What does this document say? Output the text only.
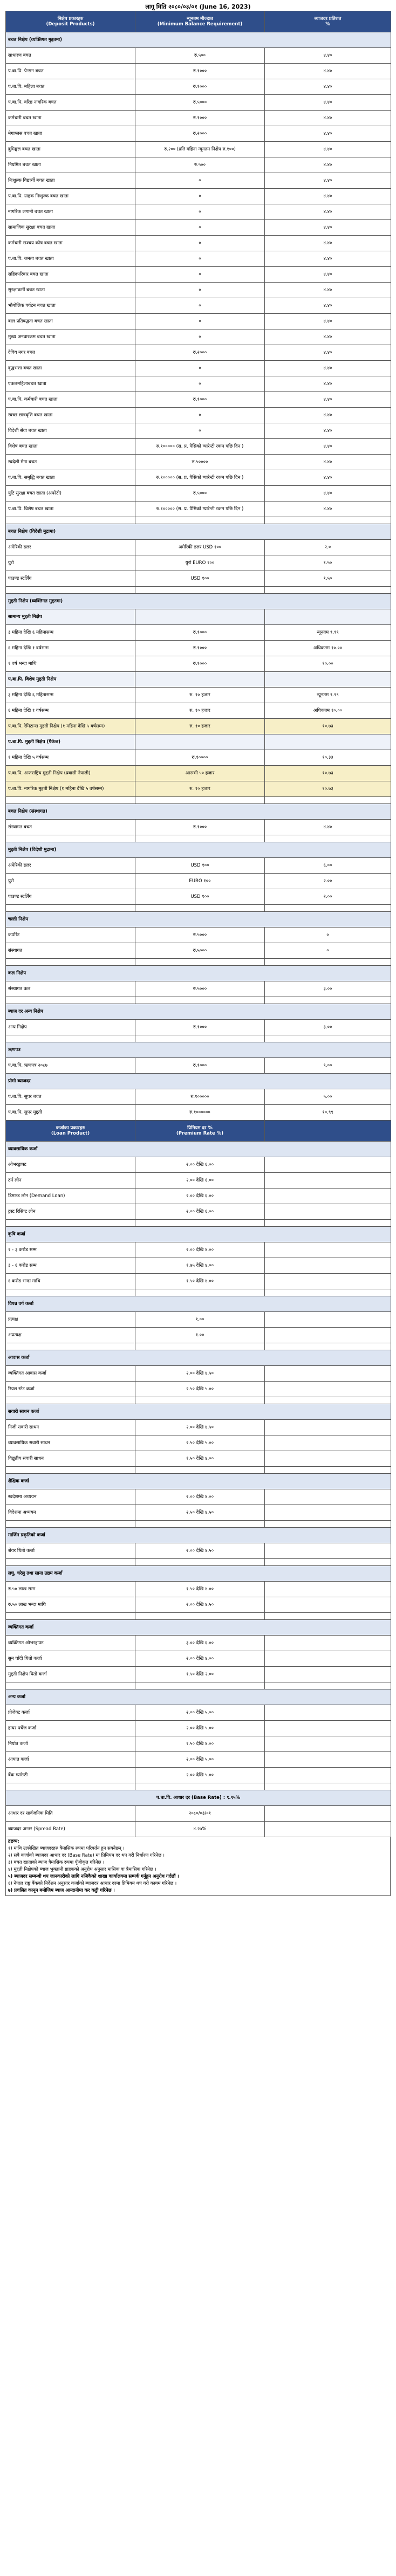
लागू मिति २०८०/०३/०१ (June 16, 2023)
निक्षेप प्रकारहरु
(Deposit Products)	न्यूनतम मौज्दात
(Minimum Balance Requirement)	ब्याजदर प्रतिशत
%
बचत निक्षेप (व्यक्तिगत मुद्दतमा)		
साधारण बचत	रु.५००	४.४०
प.बा.पि. पेन्सन बचत	रु.१०००	४.४०
प.बा.पि. महिला बचत	रु.१०००	४.४०
प.बा.पि. वरिष्ठ नागरिक बचत	रु.५०००	४.४०
कर्मचारी बचत खाता	रु.१०००	४.४०
मेगाप्लस बचत खाता	रु.२०००	४.४०
ब्रुमिङ्गल बचत खाता	रु.२०० (प्रति महिना न्यूनतम निक्षेप रु.१००)	४.४०
नियमित बचत खाता	रु.५००	४.४०
निःशुल्क विद्यार्थी बचत खाता	०	४.४०
प.बा.पि. ग्राहक निःशुल्क बचत खाता	०	४.४०
नागरिक लगानी बचत खाता	०	४.४०
सामाजिक सुरक्षा बचत खाता	०	४.४०
कर्मचारी सञ्चय कोष बचत खाता	०	४.४०
प.बा.पि. जनता बचत खाता	०	४.४०
सहिदपरिवार बचत खाता	०	४.४०
सुरक्षाकर्मी बचत खाता	०	४.४०
भौगोलिक पर्यटन बचत खाता	०	४.४०
बाल प्रतिबद्धता बचत खाता	०	४.४०
मुख्य अनवारक्रम बचत खाता	०	४.४०
देविय नगर बचत	रु.२०००	४.४०
वृद्धभत्ता बचत खाता	०	४.४०
एकलमहिलाबचत खाता	०	४.४०
प.बा.पि. कर्मचारी बचत खाता	रु.१०००	४.४०
स्वच्छ छात्रवृत्ति बचत खाता	०	४.४०
विदेशी सेवा बचत खाता	०	४.४०
विशेष बचत खाता	रु.१००००० (स. प्र. पैसिको ग्यारेन्टी रकम पछि दिन )	४.४०
स्वदेशी मेगा बचत	रु.५००००	४.४०
प.बा.पि. समृद्धि बचत खाता	रु.१००००० (स. प्र. पैसिको ग्यारेन्टी रकम पछि दिन )	४.४०
युटि सुरक्षा बचत खाता (अपरेटी)	रु.५०००	४.४०
प.बा.पि. विशेष बचत खाता	रु.१००००० (स. प्र. पैसिको ग्यारेन्टी रकम पछि दिन )	४.४०

बचत निक्षेप (विदेशी मुद्रामा)		
अमेरिकी डलर	अमेरिकी डलर USD १००	२.०
युरो	युरो EURO १००	१.५०
पाउण्ड स्टर्लिंग	USD १००	१.५०

मुद्दती निक्षेप (व्यक्तिगत मुद्दतमा)		
सामान्य मुद्दती निक्षेप		
३ महिना देखि ६ महिनासम्म	रु.१०००	न्यूनतम ९.९९
६ महिना देखि १ वर्षसम्म	रु.१०००	अधिकतम १०.००
१ वर्ष भन्दा माथि	रु.१०००	१०.००
प.बा.पि. विशेष मुद्दती निक्षेप		
३ महिना देखि ६ महिनासम्म	रु. १० हजार	न्यूनतम ९.९९
६ महिना देखि १ वर्षसम्म	रु. १० हजार	अधिकतम १०.००
प.बा.पि. रेमिटान्स मुद्दती निक्षेप (१ महिना देखि ५ वर्षसम्म)	रु. १० हजार	१०.७३
प.बा.पि. मुद्दती निक्षेप (पैकेज)		
१ महिना देखि ५ वर्षसम्म	रु.१००००	१०.३३
प.बा.पि. अन्तराष्ट्रिय मुद्दती निक्षेप (प्रवासी नेपाली)	आरम्भी ५० हजार	१०.७३
प.बा.पि. नागरिक मुद्दती निक्षेप (१ महिना देखि ५ वर्षसम्म)	रु. १० हजार	१०.७३

बचत निक्षेप (संस्थागत)		
संस्थागत बचत	रु.१०००	४.४०

मुद्दती निक्षेप (विदेशी मुद्रामा)		
अमेरिकी डलर	USD १००	६.००
युरो	EURO १००	२.००
पाउण्ड स्टर्लिंग	USD १००	२.००

चल्ती निक्षेप		
कर्पोरेट	रु.५०००	०
संस्थागत	रु.५०००	०

कल निक्षेप		
संस्थागत कल	रु.५०००	३.००

ब्याज दर अन्य निक्षेप		
अन्य निक्षेप	रु.१०००	३.००

ऋणपत्र		
प.बा.पि. ऋणपत्र २०८७	रु.१०००	९.००
प्रोमो ब्याजदर		
प.बा.पि. सुपर बचत	रु.१०००००	५.००
प.बा.पि. सुपर मुद्दती	रु.१००००००	१०.९९
कर्जाका प्रकारहरु
(Loan Product)	प्रिमियम दर %
(Premium Rate %)	
व्यावसायिक कर्जा		
ओभरड्राफ्ट	२.०० देखि ६.००	
टर्म लोन	२.०० देखि ६.००	
डिमान्ड लोन (Demand Loan)	२.०० देखि ६.००	
ट्रस्ट रिसिप्ट लोन	२.०० देखि ६.००	

कृषि कर्जा		
१ - ३ करोड सम्म	२.०० देखि ४.००	
३ - ६ करोड सम्म	१.७५ देखि ४.००	
६ करोड भन्दा माथि	१.५० देखि ४.००	

विपन्न वर्ग कर्जा		
प्रत्यक्ष	१.००	
अप्रत्यक्ष	१.००	

आवास कर्जा		
व्यक्तिगत आवास कर्जा	२.०० देखि ४.५०	
रियल स्टेट कर्जा	२.५० देखि ५.००	

सवारी साधन कर्जा		
निजी सवारी साधन	२.०० देखि ४.५०	
व्यावसायिक सवारी साधन	२.५० देखि ५.००	
विद्युतीय सवारी साधन	१.५० देखि ४.००	

शैक्षिक कर्जा		
स्वदेशमा अध्ययन	२.०० देखि ४.००	
विदेशमा अध्ययन	२.५० देखि ४.५०	

मार्जिन प्रकृतिको कर्जा		
शेयर धितो कर्जा	२.०० देखि ४.५०	

लघु, घरेलु तथा साना उद्यम कर्जा		
रु.५० लाख सम्म	१.५० देखि ४.००	
रु.५० लाख भन्दा माथि	२.०० देखि ४.५०	

व्यक्तिगत कर्जा		
व्यक्तिगत ओभरड्राफ्ट	३.०० देखि ६.००	
सुन चाँदी धितो कर्जा	२.०० देखि ४.००	
मुद्दती निक्षेप धितो कर्जा	१.५० देखि २.००	

अन्य कर्जा		
प्रोजेक्ट कर्जा	२.०० देखि ५.००	
हायर पर्चेज कर्जा	२.०० देखि ५.००	
निर्यात कर्जा	१.५० देखि ४.००	
आयात कर्जा	२.०० देखि ५.००	
बैंक ग्यारेन्टी	२.०० देखि ५.००	

प.बा.पि. आधार दर (Base Rate) : ९.९५%		
आधार दर सार्वजनिक मिति	२०८०/०३/०१	
ब्याजदर अन्तर (Spread Rate)	४.२७%	

द्रष्टव्य:

१) माथि उल्लेखित ब्याजदरहरु त्रैमासिक रुपमा परिवर्तन हुन सक्नेछन् ।

२) सबै कर्जाको ब्याजदर आधार दर (Base Rate) मा प्रिमियम दर थप गरी निर्धारण गरिनेछ ।

३) बचत खाताको ब्याज त्रैमासिक रुपमा पूँजीकृत गरिनेछ ।

४) मुद्दती निक्षेपको ब्याज भुक्तानी ग्राहकको अनुरोध अनुसार मासिक वा त्रैमासिक गरिनेछ ।

५) ब्याजदर सम्बन्धी थप जानकारीको लागि नजिकैको शाखा कार्यालयमा सम्पर्क गर्नुहुन अनुरोध गर्दछौं ।

६) नेपाल राष्ट्र बैंकको निर्देशन अनुसार कर्जाको ब्याजदर आधार दरमा प्रिमियम थप गरी कायम गरिनेछ ।

७) प्रचलित कानून बमोजिम ब्याज आम्दानीमा कर कट्टी गरिनेछ ।
